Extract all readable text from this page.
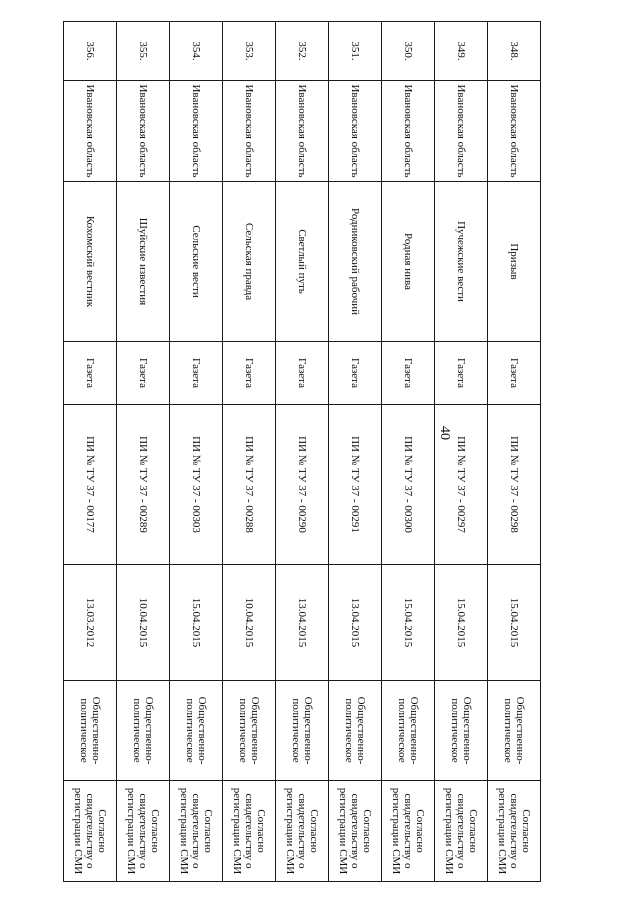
40
348.	Ивановская область	Призыв	Газета	ПИ № ТУ 37 - 00298	15.04.2015	Общественно-политическое	Согласно свидетельству о регистрации СМИ
349.	Ивановская область	Пучежские вести	Газета	ПИ № ТУ 37 - 00297	15.04.2015	Общественно-политическое	Согласно свидетельству о регистрации СМИ
350.	Ивановская область	Родная нива	Газета	ПИ № ТУ 37 - 00300	15.04.2015	Общественно-политическое	Согласно свидетельству о регистрации СМИ
351.	Ивановская область	Родниковский рабочий	Газета	ПИ № ТУ 37 - 00291	13.04.2015	Общественно-политическое	Согласно свидетельству о регистрации СМИ
352.	Ивановская область	Светлый путь	Газета	ПИ № ТУ 37 - 00290	13.04.2015	Общественно-политическое	Согласно свидетельству о регистрации СМИ
353.	Ивановская область	Сельская правда	Газета	ПИ № ТУ 37 - 00288	10.04.2015	Общественно-политическое	Согласно свидетельству о регистрации СМИ
354.	Ивановская область	Сельские вести	Газета	ПИ № ТУ 37 - 00303	15.04.2015	Общественно-политическое	Согласно свидетельству о регистрации СМИ
355.	Ивановская область	Шуйские известия	Газета	ПИ № ТУ 37 - 00289	10.04.2015	Общественно-политическое	Согласно свидетельству о регистрации СМИ
356.	Ивановская область	Кохомский вестник	Газета	ПИ № ТУ 37 - 00177	13.03.2012	Общественно-политическое	Согласно свидетельству о регистрации СМИ
